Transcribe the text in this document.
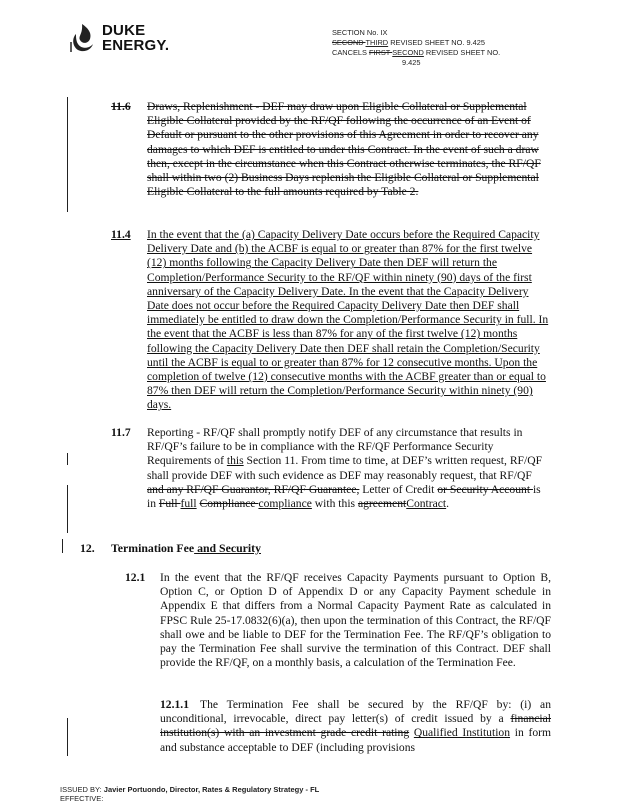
DUKE
ENERGY.
SECTION No. IX
SECOND THIRD REVISED SHEET NO. 9.425
CANCELS FIRST SECOND REVISED SHEET NO.
9.425
11.6 Draws, Replenishment - DEF may draw upon Eligible Collateral or Supplemental Eligible Collateral provided by the RF/QF following the occurrence of an Event of Default or pursuant to the other provisions of this Agreement in order to recover any damages to which DEF is entitled to under this Contract. In the event of such a draw then, except in the circumstance when this Contract otherwise terminates, the RF/QF shall within two (2) Business Days replenish the Eligible Collateral or Supplemental Eligible Collateral to the full amounts required by Table 2.
11.4 In the event that the (a) Capacity Delivery Date occurs before the Required Capacity Delivery Date and (b) the ACBF is equal to or greater than 87% for the first twelve (12) months following the Capacity Delivery Date then DEF will return the Completion/Performance Security to the RF/QF within ninety (90) days of the first anniversary of the Capacity Delivery Date. In the event that the Capacity Delivery Date does not occur before the Required Capacity Delivery Date then DEF shall immediately be entitled to draw down the Completion/Performance Security in full. In the event that the ACBF is less than 87% for any of the first twelve (12) months following the Capacity Delivery Date then DEF shall retain the Completion/Security until the ACBF is equal to or greater than 87% for 12 consecutive months. Upon the completion of twelve (12) consecutive months with the ACBF greater than or equal to 87% then DEF will return the Completion/Performance Security within ninety (90) days.
11.7 Reporting - RF/QF shall promptly notify DEF of any circumstance that results in RF/QF’s failure to be in compliance with the RF/QF Performance Security Requirements of this Section 11. From time to time, at DEF’s written request, RF/QF shall provide DEF with such evidence as DEF may reasonably request, that RF/QF and any RF/QF Guarantor, RF/QF Guarantee, Letter of Credit or Security Account is in Full full Compliance compliance with this agreementContract.
12. Termination Fee and Security
12.1 In the event that the RF/QF receives Capacity Payments pursuant to Option B, Option C, or Option D of Appendix D or any Capacity Payment schedule in Appendix E that differs from a Normal Capacity Payment Rate as calculated in FPSC Rule 25-17.0832(6)(a), then upon the termination of this Contract, the RF/QF shall owe and be liable to DEF for the Termination Fee. The RF/QF’s obligation to pay the Termination Fee shall survive the termination of this Contract. DEF shall provide the RF/QF, on a monthly basis, a calculation of the Termination Fee.
12.1.1 The Termination Fee shall be secured by the RF/QF by: (i) an unconditional, irrevocable, direct pay letter(s) of credit issued by a financial institution(s) with an investment grade credit rating Qualified Institution in form and substance acceptable to DEF (including provisions
ISSUED BY: Javier Portuondo, Director, Rates & Regulatory Strategy - FL
EFFECTIVE:
